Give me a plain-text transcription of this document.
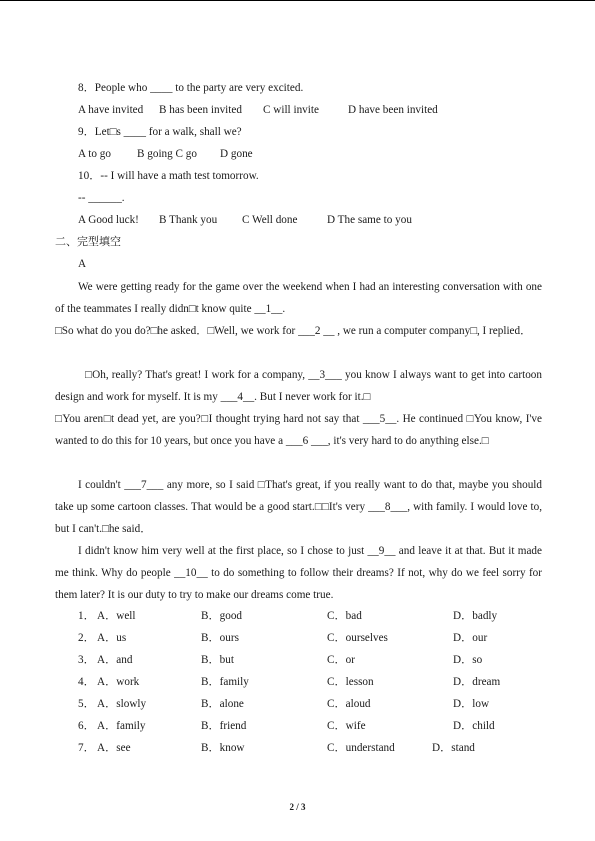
8．People who ____ to the party are very excited.
A have invited B has been invited C will invite	D have been invited
9．Let□s ____ for a walk, shall we?
A to go B going C go D gone
10．-- I will have a math test tomorrow.
-- ______.
A Good luck! B Thank you C Well done	D The same to you
二、完型填空
A
We were getting ready for the game over the weekend when I had an interesting conversation with one of the teammates I really didn□t know quite __1__.
□So what do you do?□he asked．□Well, we work for ___2 __ , we run a computer company□, I replied．
□Oh, really? That's great! I work for a company, __3___ you know I always want to get into cartoon design and work for myself. It is my ___4__. But I never work for it.□
□You aren□t dead yet, are you?□I thought trying hard not say that ___5__. He continued □You know, I've wanted to do this for 10 years, but once you have a ___6 ___, it's very hard to do anything else.□
I couldn't ___7___ any more, so I said □That's great, if you really want to do that, maybe you should take up some cartoon classes. That would be a good start.□□It's very ___8___, with family. I would love to, but I can't.□he said．
I didn't know him very well at the first place, so I chose to just __9__ and leave it at that. But it made me think. Why do people __10__ to do something to follow their dreams? If not, why do we feel sorry for them later? It is our duty to try to make our dreams come true.
1． A．well	B．good	C．bad	D．badly
2． A．us	B．ours	C．ourselves	D．our
3． A．and	B．but	C．or	D．so
4． A．work	B．family	C．lesson	D．dream
5． A．slowly	B．alone	C．aloud	D．low
6． A．family	B．friend	C．wife	D．child
7． A．see	B．know	C．understand	D．stand
2 / 3
